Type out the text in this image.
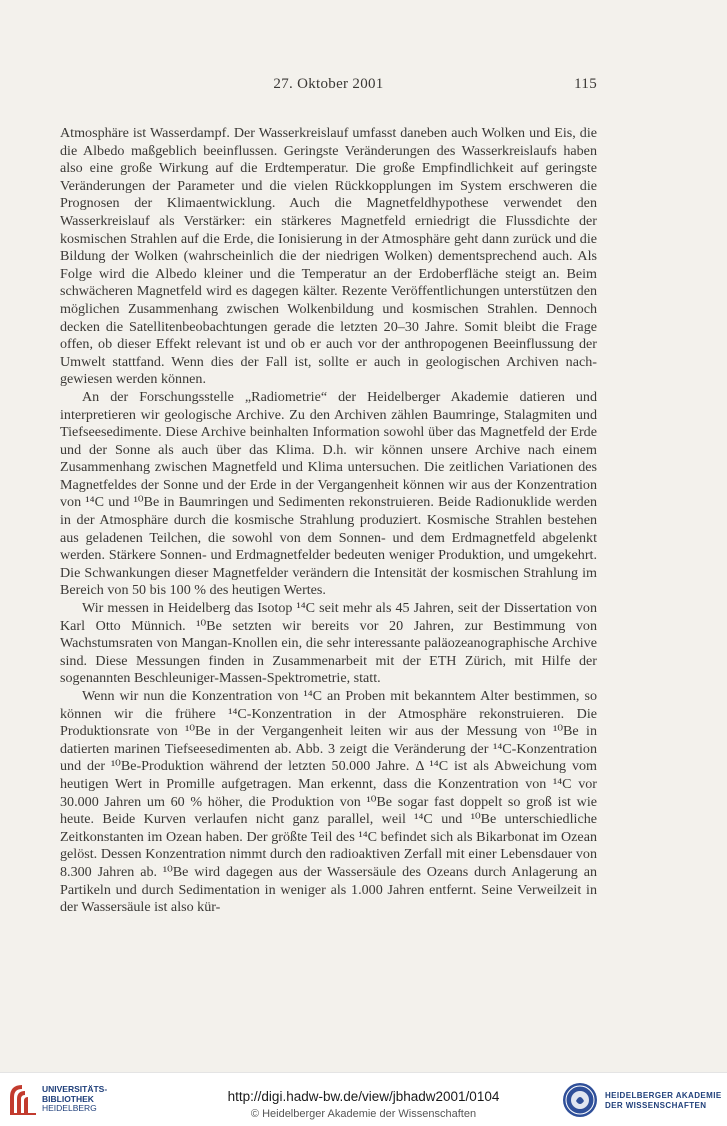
27. Oktober 2001	115

Atmosphäre ist Wasserdampf. Der Wasserkreislauf umfasst daneben auch Wolken und Eis, die die Albedo maßgeblich beeinflussen. Geringste Veränderungen des Wasserkreislaufs haben also eine große Wirkung auf die Erdtemperatur. Die große Empfindlichkeit auf geringste Veränderungen der Parameter und die vielen Rückkopplungen im System erschweren die Prognosen der Klimaentwicklung. Auch die Magnetfeldhypothese verwendet den Wasserkreislauf als Verstärker: ein stärkeres Magnetfeld erniedrigt die Flussdichte der kosmischen Strahlen auf die Erde, die Ionisierung in der Atmosphäre geht dann zurück und die Bildung der Wolken (wahrscheinlich die der niedrigen Wolken) dementsprechend auch. Als Folge wird die Albedo kleiner und die Temperatur an der Erdoberfläche steigt an. Beim schwächeren Magnetfeld wird es dagegen kälter. Rezente Veröffentlichungen unterstützen den möglichen Zusammenhang zwischen Wolkenbildung und kosmischen Strahlen. Dennoch decken die Satellitenbeobachtungen gerade die letzten 20–30 Jahre. Somit bleibt die Frage offen, ob dieser Effekt relevant ist und ob er auch vor der anthropogenen Beeinflussung der Umwelt stattfand. Wenn dies der Fall ist, sollte er auch in geologischen Archiven nachgewiesen werden können.

An der Forschungsstelle „Radiometrie“ der Heidelberger Akademie datieren und interpretieren wir geologische Archive. Zu den Archiven zählen Baumringe, Stalagmiten und Tiefseesedimente. Diese Archive beinhalten Information sowohl über das Magnetfeld der Erde und der Sonne als auch über das Klima. D.h. wir können unsere Archive nach einem Zusammenhang zwischen Magnetfeld und Klima untersuchen. Die zeitlichen Variationen des Magnetfeldes der Sonne und der Erde in der Vergangenheit können wir aus der Konzentration von ¹⁴C und ¹⁰Be in Baumringen und Sedimenten rekonstruieren. Beide Radionuklide werden in der Atmosphäre durch die kosmische Strahlung produziert. Kosmische Strahlen bestehen aus geladenen Teilchen, die sowohl von dem Sonnen- und dem Erdmagnetfeld abgelenkt werden. Stärkere Sonnen- und Erdmagnetfelder bedeuten weniger Produktion, und umgekehrt. Die Schwankungen dieser Magnetfelder verändern die Intensität der kosmischen Strahlung im Bereich von 50 bis 100 % des heutigen Wertes.

Wir messen in Heidelberg das Isotop ¹⁴C seit mehr als 45 Jahren, seit der Dissertation von Karl Otto Münnich. ¹⁰Be setzten wir bereits vor 20 Jahren, zur Bestimmung von Wachstumsraten von Mangan-Knollen ein, die sehr interessante paläozeanographische Archive sind. Diese Messungen finden in Zusammenarbeit mit der ETH Zürich, mit Hilfe der sogenannten Beschleuniger-Massen-Spektrometrie, statt.

Wenn wir nun die Konzentration von ¹⁴C an Proben mit bekanntem Alter bestimmen, so können wir die frühere ¹⁴C-Konzentration in der Atmosphäre rekonstruieren. Die Produktionsrate von ¹⁰Be in der Vergangenheit leiten wir aus der Messung von ¹⁰Be in datierten marinen Tiefseesedimenten ab. Abb. 3 zeigt die Veränderung der ¹⁴C-Konzentration und der ¹⁰Be-Produktion während der letzten 50.000 Jahre. Δ ¹⁴C ist als Abweichung vom heutigen Wert in Promille aufgetragen. Man erkennt, dass die Konzentration von ¹⁴C vor 30.000 Jahren um 60 % höher, die Produktion von ¹⁰Be sogar fast doppelt so groß ist wie heute. Beide Kurven verlaufen nicht ganz parallel, weil ¹⁴C und ¹⁰Be unterschiedliche Zeitkonstanten im Ozean haben. Der größte Teil des ¹⁴C befindet sich als Bikarbonat im Ozean gelöst. Dessen Konzentration nimmt durch den radioaktiven Zerfall mit einer Lebensdauer von 8.300 Jahren ab. ¹⁰Be wird dagegen aus der Wassersäule des Ozeans durch Anlagerung an Partikeln und durch Sedimentation in weniger als 1.000 Jahren entfernt. Seine Verweilzeit in der Wassersäule ist also kür-

UNIVERSITÄTS-
BIBLIOTHEK
HEIDELBERG
http://digi.hadw-bw.de/view/jbhadw2001/0104
© Heidelberger Akademie der Wissenschaften
HEIDELBERGER AKADEMIE
DER WISSENSCHAFTEN
